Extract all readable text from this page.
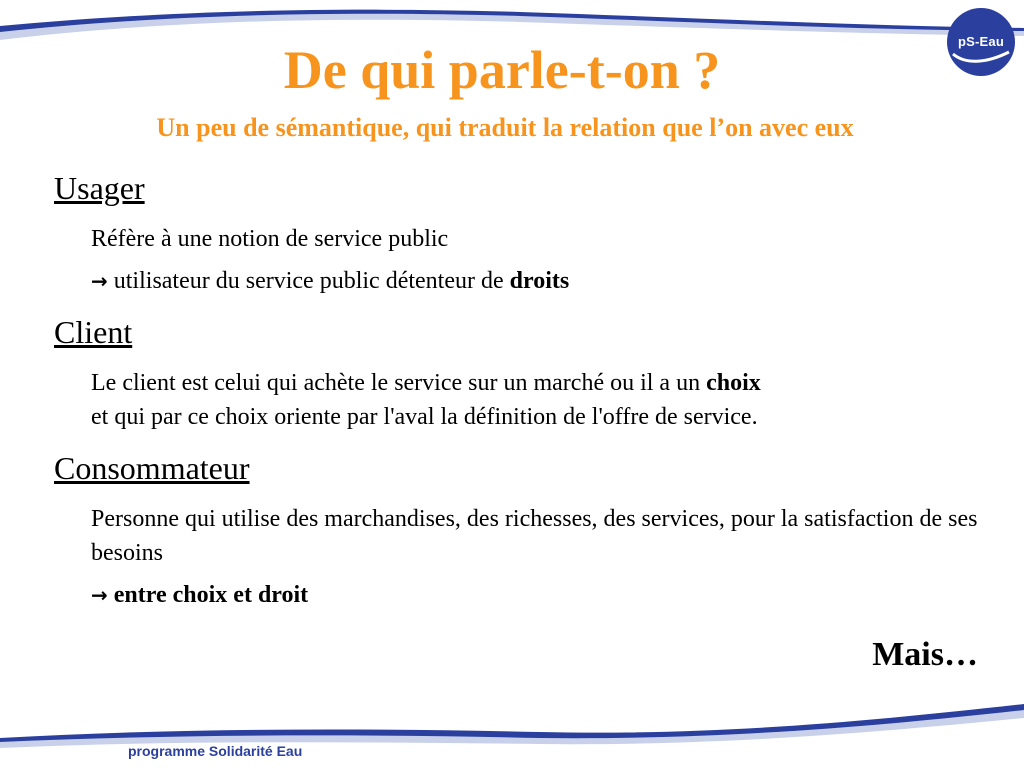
pS-Eau
De qui parle-t-on ?
Un peu de sémantique, qui traduit la relation que l’on avec eux

Usager

Réfère à une notion de service public

→ utilisateur du service public détenteur de droits

Client

Le client est celui qui achète le service sur un marché ou il a un choix
et qui par ce choix oriente par l'aval la définition de l'offre de service.

Consommateur

Personne qui utilise des marchandises, des richesses, des services, pour la satisfaction de ses besoins

→ entre choix et droit

Mais…
programme Solidarité Eau
